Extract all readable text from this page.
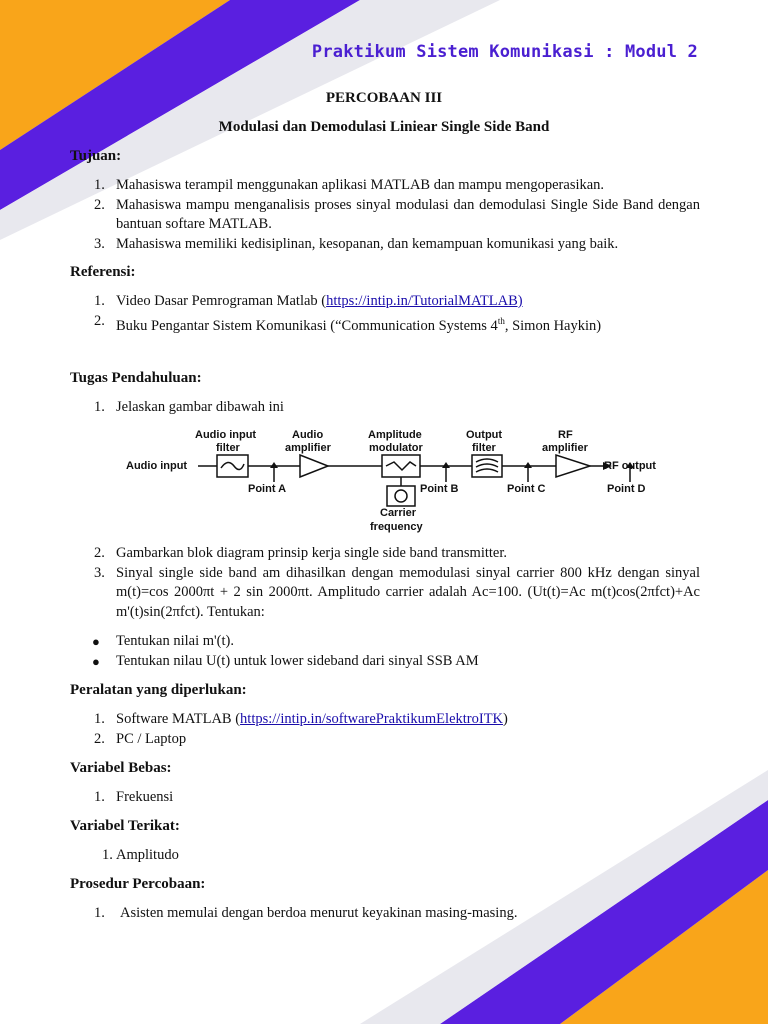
Praktikum Sistem Komunikasi : Modul 2
PERCOBAAN III
Modulasi dan Demodulasi Liniear Single Side Band
Tujuan:
1. Mahasiswa terampil menggunakan aplikasi MATLAB dan mampu mengoperasikan.
2. Mahasiswa mampu menganalisis proses sinyal modulasi dan demodulasi Single Side Band dengan bantuan softare MATLAB.
3. Mahasiswa memiliki kedisiplinan, kesopanan, dan kemampuan komunikasi yang baik.
Referensi:
1. Video Dasar Pemrograman Matlab (https://intip.in/TutorialMATLAB)
2. Buku Pengantar Sistem Komunikasi (“Communication Systems 4th, Simon Haykin)
Tugas Pendahuluan:
1. Jelaskan gambar dibawah ini
Audio input
Audio input
filter
Audio
amplifier
Amplitude
modulator
Output
filter
RF
amplifier
RF output
Point A	Point B	Point C	Point D
Carrier
frequency
2. Gambarkan blok diagram prinsip kerja single side band transmitter.
3. Sinyal single side band am dihasilkan dengan memodulasi sinyal carrier 800 kHz dengan sinyal m(t)=cos 2000πt + 2 sin 2000πt. Amplitudo carrier adalah Ac=100. (Ut(t)=Ac m(t)cos(2πfct)+Ac m'(t)sin(2πfct). Tentukan:
● Tentukan nilai m'(t).
● Tentukan nilau U(t) untuk lower sideband dari sinyal SSB AM
Peralatan yang diperlukan:
1. Software MATLAB (https://intip.in/softwarePraktikumElektroITK)
2. PC / Laptop
Variabel Bebas:
1. Frekuensi
Variabel Terikat:
1. Amplitudo
Prosedur Percobaan:
1. Asisten memulai dengan berdoa menurut keyakinan masing-masing.
